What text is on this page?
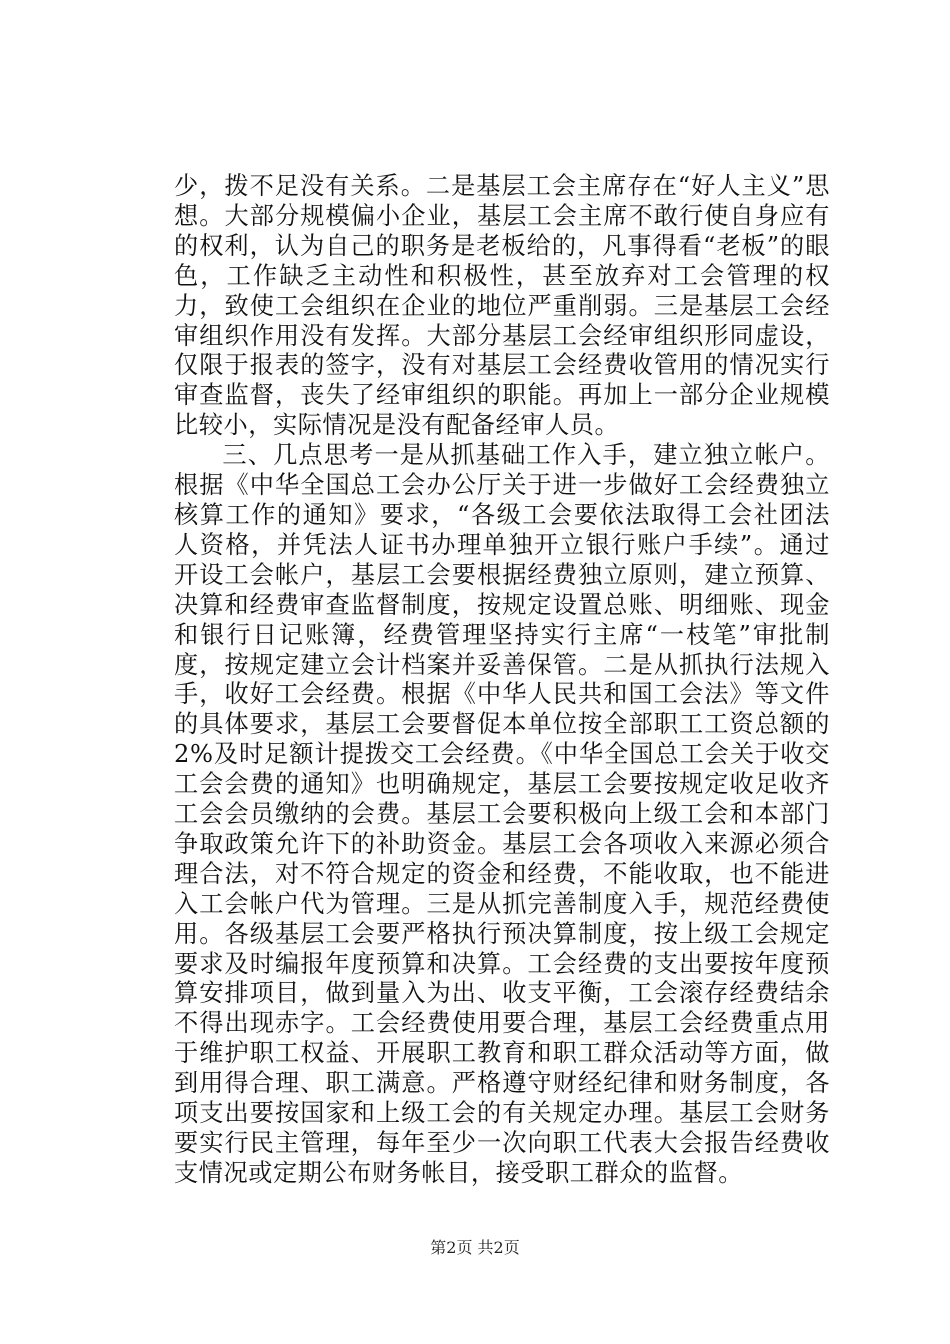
少，拨不足没有关系。二是基层工会主席存在“好人主义”思想。大部分规模偏小企业，基层工会主席不敢行使自身应有的权利，认为自己的职务是老板给的，凡事得看“老板”的眼色，工作缺乏主动性和积极性，甚至放弃对工会管理的权力，致使工会组织在企业的地位严重削弱。三是基层工会经审组织作用没有发挥。大部分基层工会经审组织形同虚设，仅限于报表的签字，没有对基层工会经费收管用的情况实行审查监督，丧失了经审组织的职能。再加上一部分企业规模比较小，实际情况是没有配备经审人员。

三、几点思考一是从抓基础工作入手，建立独立帐户。根据《中华全国总工会办公厅关于进一步做好工会经费独立核算工作的通知》要求，“各级工会要依法取得工会社团法人资格，并凭法人证书办理单独开立银行账户手续”。通过开设工会帐户，基层工会要根据经费独立原则，建立预算、决算和经费审查监督制度，按规定设置总账、明细账、现金和银行日记账簿，经费管理坚持实行主席“一枝笔”审批制度，按规定建立会计档案并妥善保管。二是从抓执行法规入手，收好工会经费。根据《中华人民共和国工会法》等文件的具体要求，基层工会要督促本单位按全部职工工资总额的2%及时足额计提拨交工会经费。《中华全国总工会关于收交工会会费的通知》也明确规定，基层工会要按规定收足收齐工会会员缴纳的会费。基层工会要积极向上级工会和本部门争取政策允许下的补助资金。基层工会各项收入来源必须合理合法，对不符合规定的资金和经费，不能收取，也不能进入工会帐户代为管理。三是从抓完善制度入手，规范经费使用。各级基层工会要严格执行预决算制度，按上级工会规定要求及时编报年度预算和决算。工会经费的支出要按年度预算安排项目，做到量入为出、收支平衡，工会滚存经费结余不得出现赤字。工会经费使用要合理，基层工会经费重点用于维护职工权益、开展职工教育和职工群众活动等方面，做到用得合理、职工满意。严格遵守财经纪律和财务制度，各项支出要按国家和上级工会的有关规定办理。基层工会财务要实行民主管理，每年至少一次向职工代表大会报告经费收支情况或定期公布财务帐目，接受职工群众的监督。

第2页 共2页
